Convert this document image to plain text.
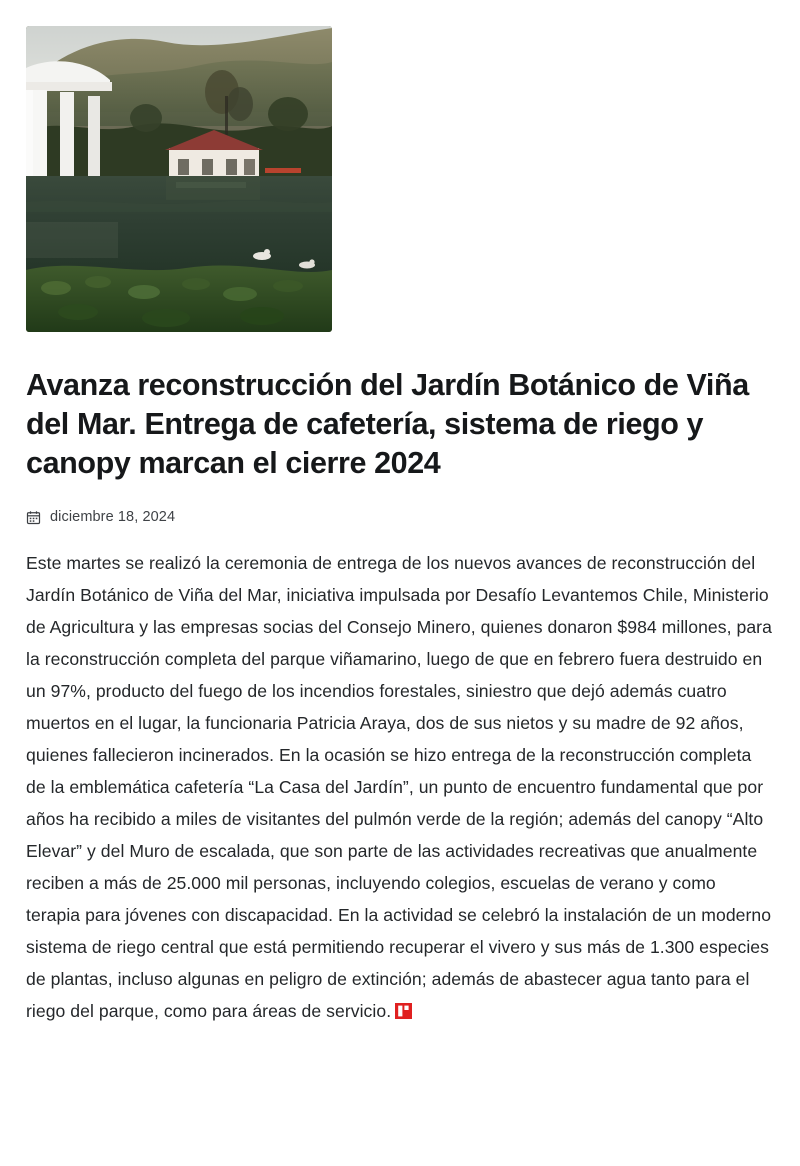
Avanza reconstrucción del Jardín Botánico de Viña del Mar. Entrega de cafetería, sistema de riego y canopy marcan el cierre 2024
diciembre 18, 2024

Este martes se realizó la ceremonia de entrega de los nuevos avances de reconstrucción del Jardín Botánico de Viña del Mar, iniciativa impulsada por Desafío Levantemos Chile, Ministerio de Agricultura y las empresas socias del Consejo Minero, quienes donaron $984 millones, para la reconstrucción completa del parque viñamarino, luego de que en febrero fuera destruido en un 97%, producto del fuego de los incendios forestales, siniestro que dejó además cuatro muertos en el lugar, la funcionaria Patricia Araya, dos de sus nietos y su madre de 92 años, quienes fallecieron incinerados. En la ocasión se hizo entrega de la reconstrucción completa de la emblemática cafetería “La Casa del Jardín”, un punto de encuentro fundamental que por años ha recibido a miles de visitantes del pulmón verde de la región; además del canopy “Alto Elevar” y del Muro de escalada, que son parte de las actividades recreativas que anualmente reciben a más de 25.000 mil personas, incluyendo colegios, escuelas de verano y como terapia para jóvenes con discapacidad. En la actividad se celebró la instalación de un moderno sistema de riego central que está permitiendo recuperar el vivero y sus más de 1.300 especies de plantas, incluso algunas en peligro de extinción; además de abastecer agua tanto para el riego del parque, como para áreas de servicio.
